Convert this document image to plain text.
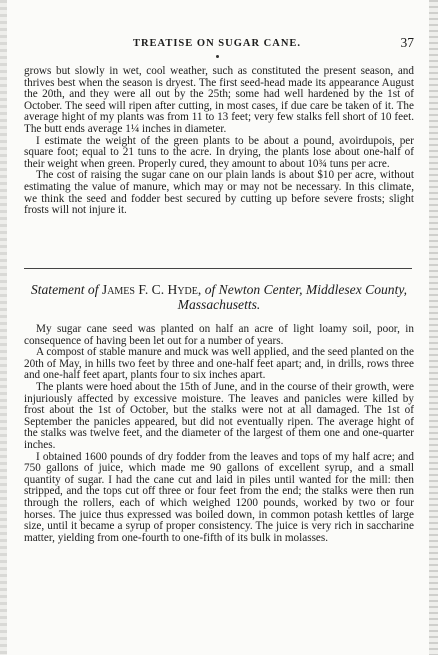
TREATISE ON SUGAR CANE.	37

grows but slowly in wet, cool weather, such as constituted the present season, and thrives best when the season is dryest. The first seed-head made its appearance August the 20th, and they were all out by the 25th; some had well hardened by the 1st of October. The seed will ripen after cutting, in most cases, if due care be taken of it. The average hight of my plants was from 11 to 13 feet; very few stalks fell short of 10 feet. The butt ends average 1¼ inches in diameter.

I estimate the weight of the green plants to be about a pound, avoirdupois, per square foot; equal to 21 tuns to the acre. In drying, the plants lose about one-half of their weight when green. Properly cured, they amount to about 10¾ tuns per acre.

The cost of raising the sugar cane on our plain lands is about $10 per acre, without estimating the value of manure, which may or may not be necessary. In this climate, we think the seed and fodder best secured by cutting up before severe frosts; slight frosts will not injure it.

Statement of James F. C. Hyde, of Newton Center, Middlesex County, Massachusetts.

My sugar cane seed was planted on half an acre of light loamy soil, poor, in consequence of having been let out for a number of years.

A compost of stable manure and muck was well applied, and the seed planted on the 20th of May, in hills two feet by three and one-half feet apart; and, in drills, rows three and one-half feet apart, plants four to six inches apart.

The plants were hoed about the 15th of June, and in the course of their growth, were injuriously affected by excessive moisture. The leaves and panicles were killed by frost about the 1st of October, but the stalks were not at all damaged. The 1st of September the panicles appeared, but did not eventually ripen. The average hight of the stalks was twelve feet, and the diameter of the largest of them one and one-quarter inches.

I obtained 1600 pounds of dry fodder from the leaves and tops of my half acre; and 750 gallons of juice, which made me 90 gallons of excellent syrup, and a small quantity of sugar. I had the cane cut and laid in piles until wanted for the mill: then stripped, and the tops cut off three or four feet from the end; the stalks were then run through the rollers, each of which weighed 1200 pounds, worked by two or four horses. The juice thus expressed was boiled down, in common potash kettles of large size, until it became a syrup of proper consistency. The juice is very rich in saccharine matter, yielding from one-fourth to one-fifth of its bulk in molasses.
